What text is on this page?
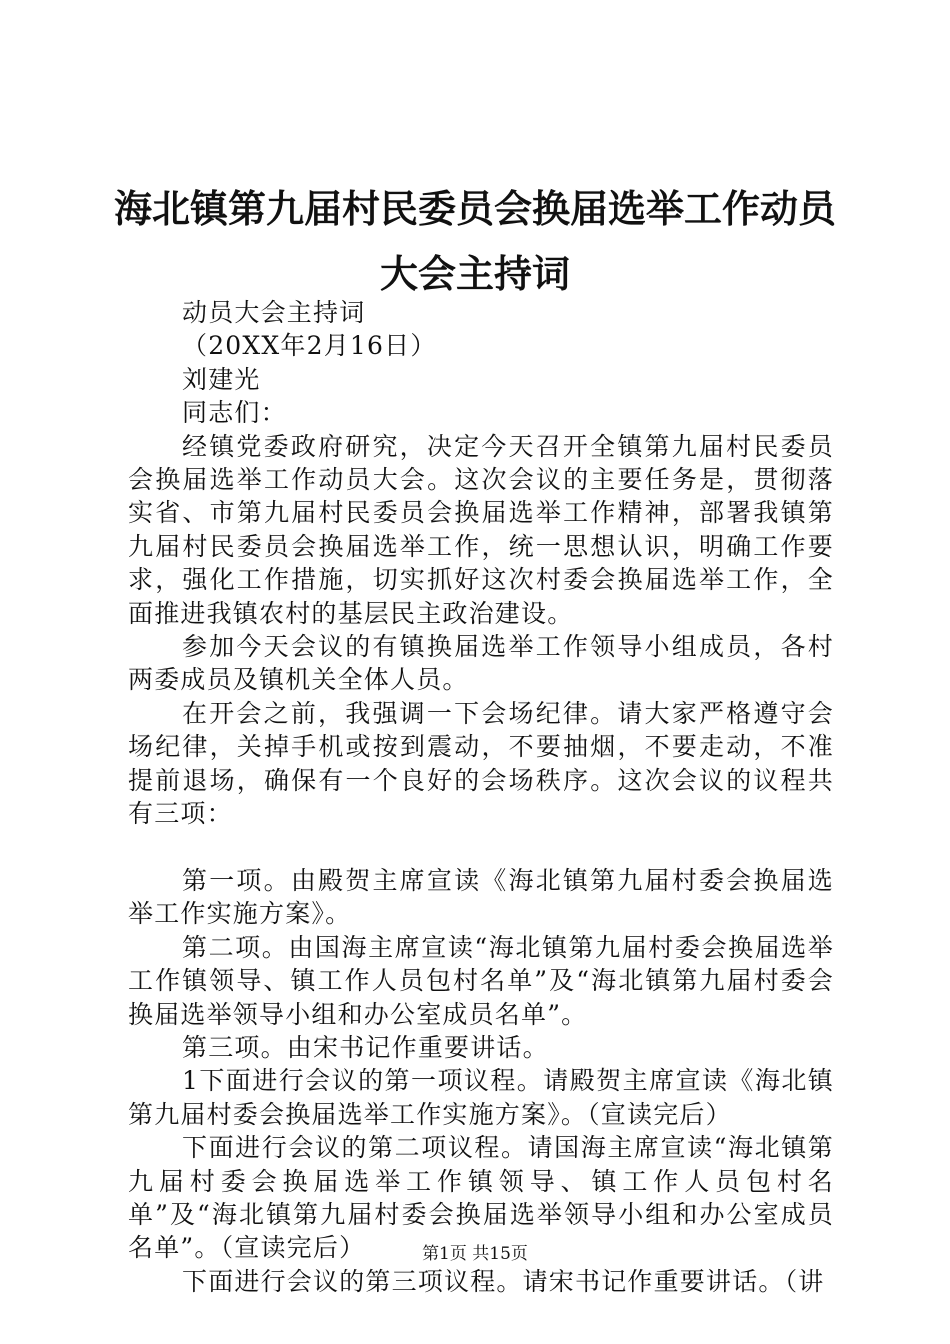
海北镇第九届村民委员会换届选举工作动员大会主持词

动员大会主持词

（20XX年2月16日）

刘建光

同志们：

经镇党委政府研究，决定今天召开全镇第九届村民委员会换届选举工作动员大会。这次会议的主要任务是，贯彻落实省、市第九届村民委员会换届选举工作精神，部署我镇第九届村民委员会换届选举工作，统一思想认识，明确工作要求，强化工作措施，切实抓好这次村委会换届选举工作，全面推进我镇农村的基层民主政治建设。

参加今天会议的有镇换届选举工作领导小组成员，各村两委成员及镇机关全体人员。

在开会之前，我强调一下会场纪律。请大家严格遵守会场纪律，关掉手机或按到震动，不要抽烟，不要走动，不准提前退场，确保有一个良好的会场秩序。这次会议的议程共有三项：

第一项。由殿贺主席宣读《海北镇第九届村委会换届选举工作实施方案》。

第二项。由国海主席宣读“海北镇第九届村委会换届选举工作镇领导、镇工作人员包村名单”及“海北镇第九届村委会换届选举领导小组和办公室成员名单”。

第三项。由宋书记作重要讲话。

1下面进行会议的第一项议程。请殿贺主席宣读《海北镇第九届村委会换届选举工作实施方案》。（宣读完后）

下面进行会议的第二项议程。请国海主席宣读“海北镇第九届村委会换届选举工作镇领导、镇工作人员包村名单”及“海北镇第九届村委会换届选举领导小组和办公室成员名单”。（宣读完后）

下面进行会议的第三项议程。请宋书记作重要讲话。（讲

第1页 共15页
